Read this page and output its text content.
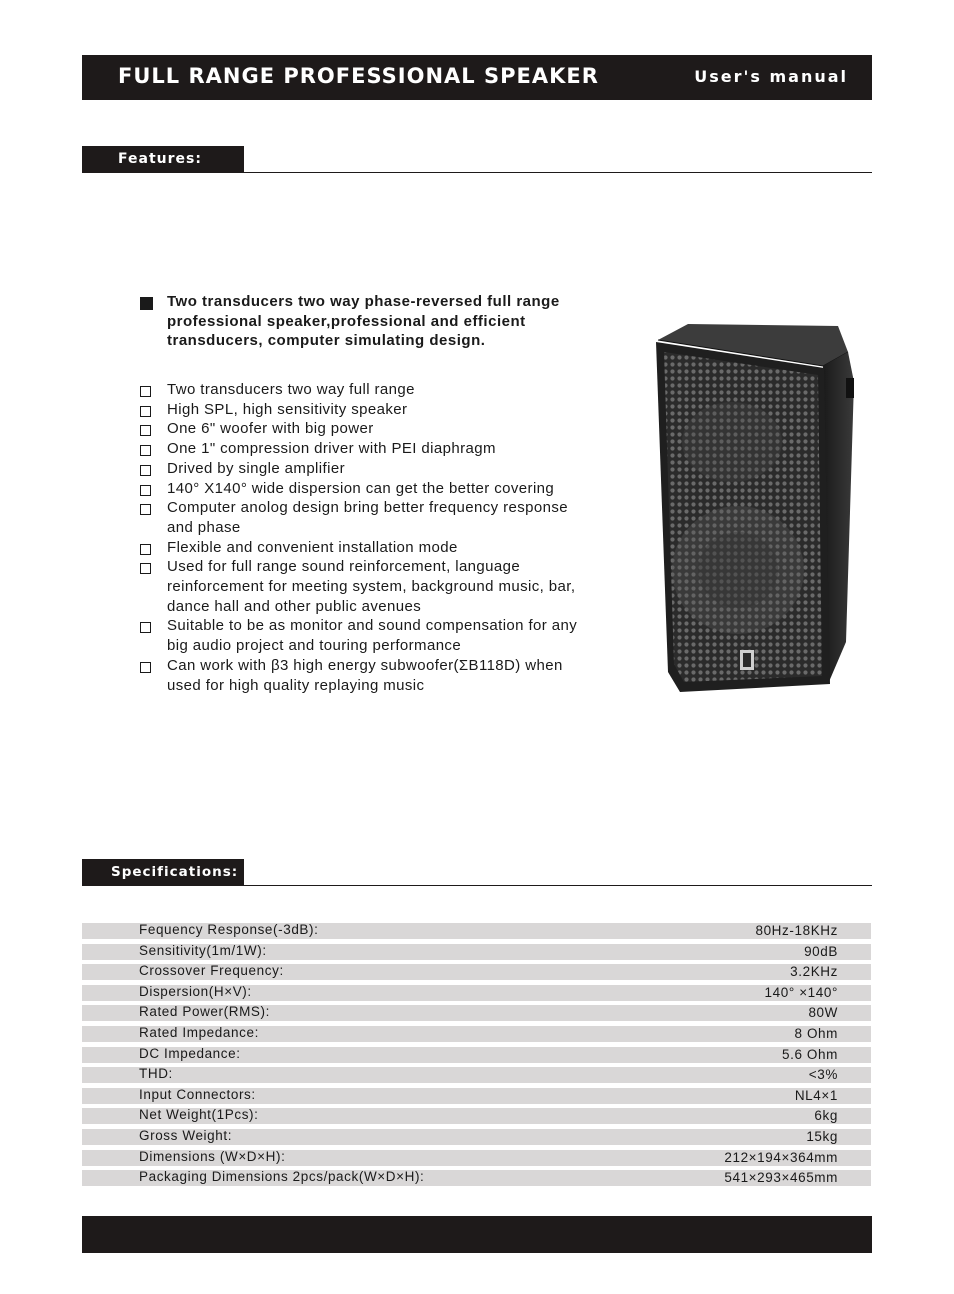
FULL RANGE PROFESSIONAL SPEAKER	User's manual
Features:
Two transducers two way phase-reversed full range professional speaker,professional and efficient transducers, computer simulating design.
Two transducers two way full range
High SPL, high sensitivity speaker
One 6" woofer with big power
One 1" compression driver with PEI diaphragm
Drived by single amplifier
140° X140° wide dispersion can get the better covering
Computer anolog design bring better frequency response and phase
Flexible and convenient installation mode
Used for full range sound reinforcement, language reinforcement for meeting system, background music, bar, dance hall and other public avenues
Suitable to be as monitor and sound compensation for any big audio project and touring performance
Can work with β3 high energy subwoofer(ΣB118D) when used for high quality replaying music
Specifications:
Fequency Response(-3dB):	80Hz-18KHz
Sensitivity(1m/1W):	90dB
Crossover Frequency:	3.2KHz
Dispersion(H×V):	140° ×140°
Rated Power(RMS):	80W
Rated Impedance:	8 Ohm
DC Impedance:	5.6 Ohm
THD:	<3%
Input Connectors:	NL4×1
Net Weight(1Pcs):	6kg
Gross Weight:	15kg
Dimensions (W×D×H):	212×194×364mm
Packaging Dimensions 2pcs/pack(W×D×H):	541×293×465mm
